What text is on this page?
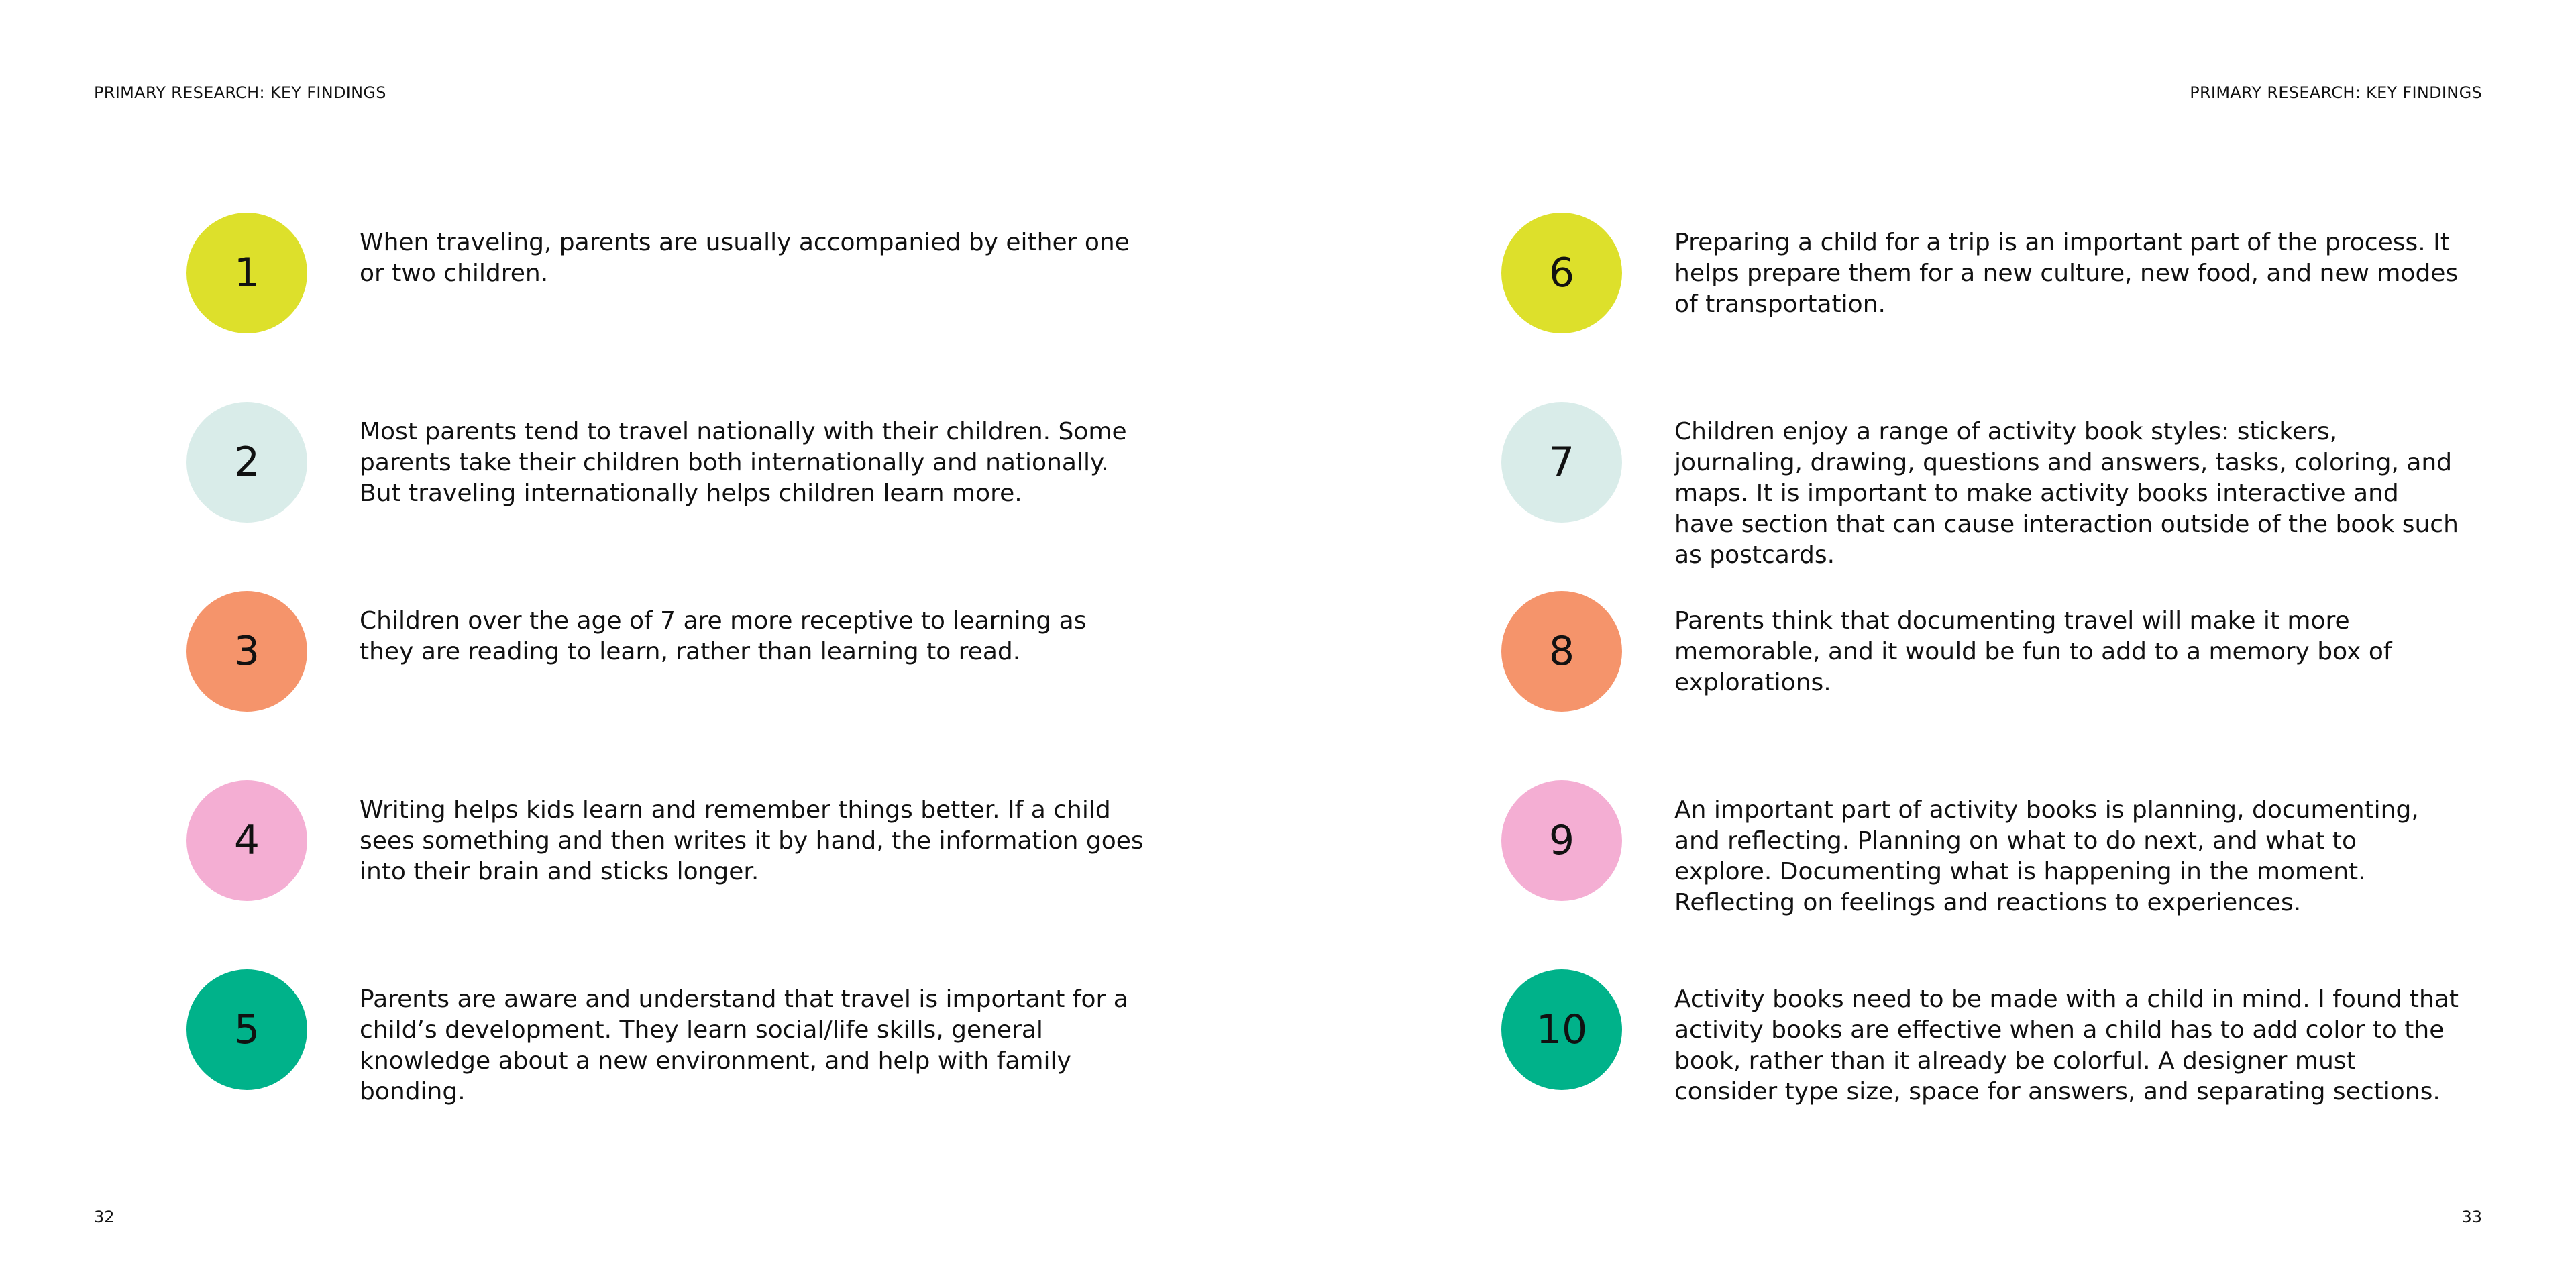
PRIMARY RESEARCH: KEY FINDINGS
1
When traveling, parents are usually accompanied by either one or two children.
2
Most parents tend to travel nationally with their children. Some parents take their children both internationally and nationally. But traveling internationally helps children learn more.
3
Children over the age of 7 are more receptive to learning as they are reading to learn, rather than learning to read.
4
Writing helps kids learn and remember things better. If a child sees something and then writes it by hand, the information goes into their brain and sticks longer.
5
Parents are aware and understand that travel is important for a child’s development. They learn social/life skills, general knowledge about a new environment, and help with family bonding.
32
PRIMARY RESEARCH: KEY FINDINGS
6
Preparing a child for a trip is an important part of the process. It helps prepare them for a new culture, new food, and new modes of transportation.
7
Children enjoy a range of activity book styles: stickers, journaling, drawing, questions and answers, tasks, coloring, and maps. It is important to make activity books interactive and have section that can cause interaction outside of the book such as postcards.
8
Parents think that documenting travel will make it more memorable, and it would be fun to add to a memory box of explorations.
9
An important part of activity books is planning, documenting, and reflecting. Planning on what to do next, and what to explore. Documenting what is happening in the moment. Reflecting on feelings and reactions to experiences.
10
Activity books need to be made with a child in mind. I found that activity books are effective when a child has to add color to the book, rather than it already be colorful. A designer must consider type size, space for answers, and separating sections.
33
